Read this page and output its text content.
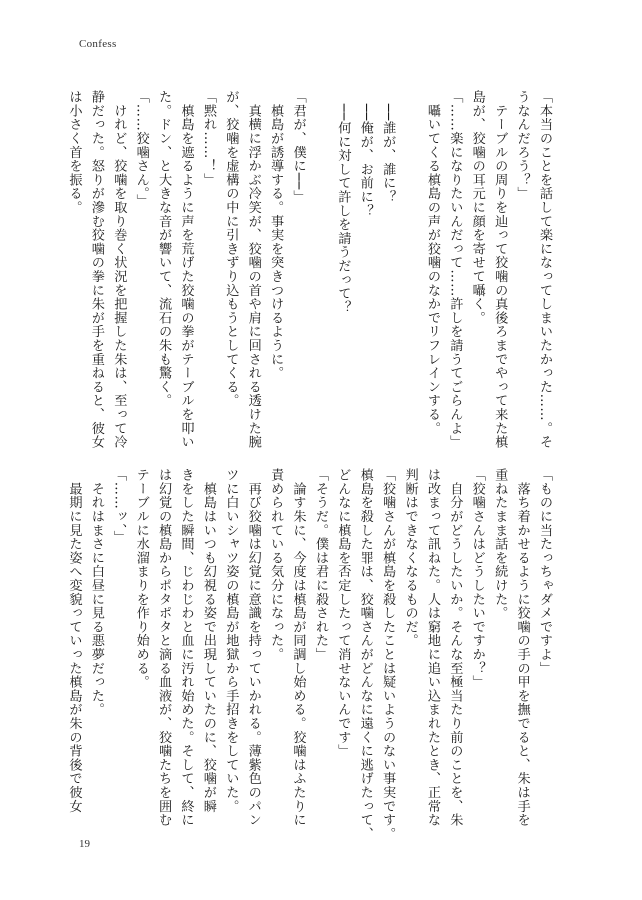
Confess
「本当のことを話して楽になってしまいたかった……。そ
うなんだろう？」
　テーブルの周りを辿って狡噛の真後ろまでやって来た槙
島が、狡噛の耳元に顔を寄せて囁く。
「……楽になりたいんだって……許しを請うてごらんよ」
　囁いてくる槙島の声が狡噛のなかでリフレインする。
　──誰が、誰に？
　──俺が、お前に？
　──何に対して許しを請うだって？
「君が、僕に──」
　槙島が誘導する。事実を突きつけるように。
　真横に浮かぶ冷笑が、狡噛の首や肩に回される透けた腕
が、狡噛を虚構の中に引きずり込もうとしてくる。
「黙れ……！」
　槙島を遮るように声を荒げた狡噛の拳がテーブルを叩い
た。ドン、と大きな音が響いて、流石の朱も驚く。
「……狡噛さん。」
　けれど、狡噛を取り巻く状況を把握した朱は、至って冷
静だった。怒りが滲む狡噛の拳に朱が手を重ねると、彼女
は小さく首を振る。
「ものに当たっちゃダメですよ」
　落ち着かせるように狡噛の手の甲を撫でると、朱は手を
重ねたまま話を続けた。
「狡噛さんはどうしたいですか？」
　自分がどうしたいか。そんな至極当たり前のことを、朱
は改まって訊ねた。人は窮地に追い込まれたとき、正常な
判断はできなくなるものだ。
「狡噛さんが槙島を殺したことは疑いようのない事実です。
槙島を殺した罪は、狡噛さんがどんなに遠くに逃げたって、
どんなに槙島を否定したって消せないんです」
「そうだ。僕は君に殺された」
　論す朱に、今度は槙島が同調し始める。狡噛はふたりに
責められている気分になった。
　再び狡噛は幻覚に意識を持っていかれる。薄紫色のパン
ツに白いシャツ姿の槙島が地獄から手招きをしていた。
　槙島はいつも幻視る姿で出現していたのに、狡噛が瞬
きをした瞬間、じわじわと血に汚れ始めた。そして、終に
は幻覚の槙島からポタポタと滴る血液が、狡噛たちを囲む
テーブルに水溜まりを作り始める。
「……ッ、」
　それはまさに白昼に見る悪夢だった。
　最期に見た姿へ変貌っていった槙島が朱の背後で彼女
19
